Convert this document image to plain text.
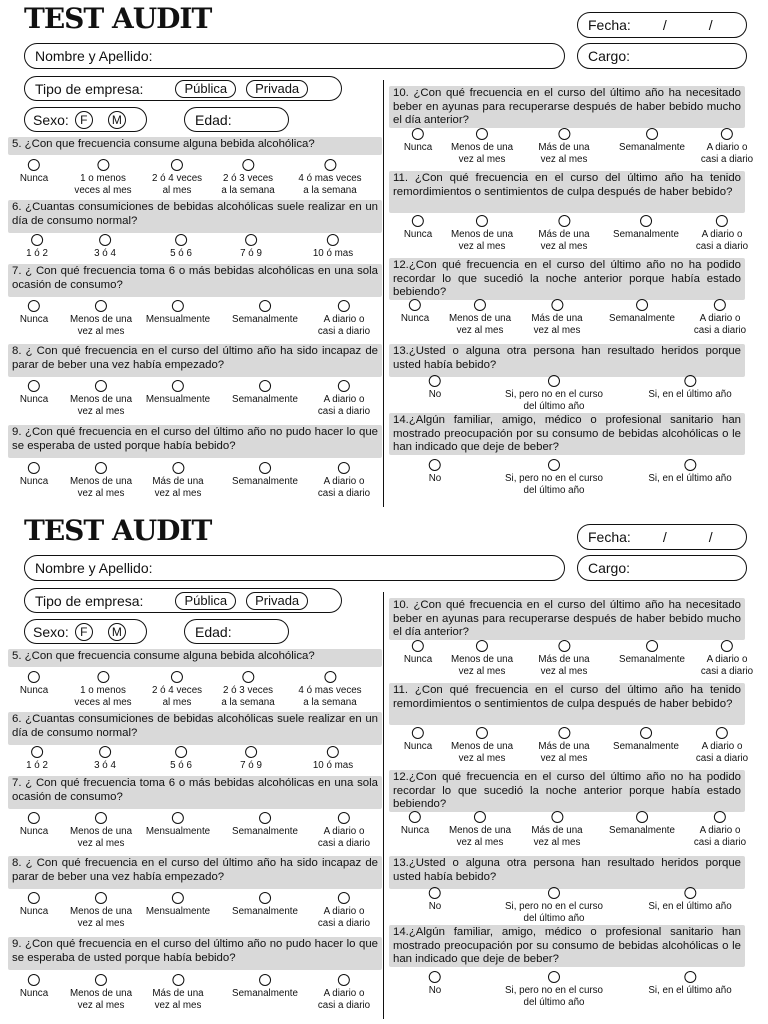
TEST AUDIT	Fecha: /	/
Nombre y Apellido:	Cargo:
Tipo de empresa:	Pública	Privada
Sexo: F	M	Edad:
5. ¿Con que frecuencia consume alguna bebida alcohólica?
Nunca	1 o menos
veces al mes
2 ó 4 veces
al mes
2 ó 3 veces
a la semana
4 ó mas veces
a la semana
6. ¿Cuantas consumiciones de bebidas alcohólicas suele realizar en un día de consumo normal?
1 ó 2	3 ó 4	5 ó 6	7 ó 9	10 ó mas
7. ¿ Con qué frecuencia toma 6 o más bebidas alcohólicas en una sola ocasión de consumo?
Nunca Menos de una
vez al mes
Mensualmente Semanalmente	A diario o
casi a diario
8. ¿ Con qué frecuencia en el curso del último año ha sido incapaz de parar de beber una vez había empezado?
Nunca Menos de una
vez al mes
Mensualmente Semanalmente	A diario o
casi a diario
9. ¿Con qué frecuencia en el curso del último año no pudo hacer lo que se esperaba de usted porque había bebido?
Nunca Menos de una
vez al mes
Más de una
vez al mes
Semanalmente	A diario o
casi a diario
10. ¿Con qué frecuencia en el curso del último año ha necesitado beber en ayunas para recuperarse después de haber bebido mucho el día anterior?
Nunca Menos de una
vez al mes
Más de una
vez al mes
Semanalmente	A diario o
casi a diario
11. ¿Con qué frecuencia en el curso del último año ha tenido remordimientos o sentimientos de culpa después de haber bebido?
Nunca Menos de una
vez al mes
Más de una
vez al mes
Semanalmente	A diario o
casi a diario
12.¿Con qué frecuencia en el curso del último año no ha podido recordar lo que sucedió la noche anterior porque había estado bebiendo?
Nunca Menos de una
vez al mes
Más de una
vez al mes
Semanalmente	A diario o
casi a diario
13.¿Usted o alguna otra persona han resultado heridos porque usted había bebido?
No	Si, pero no en el curso
del último año
Si, en el último año
14.¿Algún familiar, amigo, médico o profesional sanitario han mostrado preocupación por su consumo de bebidas alcohólicas o le han indicado que deje de beber?
No	Si, pero no en el curso
del último año
Si, en el último año
TEST AUDIT	Fecha: /	/
Nombre y Apellido:	Cargo:
Tipo de empresa:	Pública	Privada
Sexo: F	M	Edad:
5. ¿Con que frecuencia consume alguna bebida alcohólica?
Nunca	1 o menos
veces al mes
2 ó 4 veces
al mes
2 ó 3 veces
a la semana
4 ó mas veces
a la semana
6. ¿Cuantas consumiciones de bebidas alcohólicas suele realizar en un día de consumo normal?
1 ó 2	3 ó 4	5 ó 6	7 ó 9	10 ó mas
7. ¿ Con qué frecuencia toma 6 o más bebidas alcohólicas en una sola ocasión de consumo?
Nunca Menos de una
vez al mes
Mensualmente Semanalmente	A diario o
casi a diario
8. ¿ Con qué frecuencia en el curso del último año ha sido incapaz de parar de beber una vez había empezado?
Nunca Menos de una
vez al mes
Mensualmente Semanalmente	A diario o
casi a diario
9. ¿Con qué frecuencia en el curso del último año no pudo hacer lo que se esperaba de usted porque había bebido?
Nunca Menos de una
vez al mes
Más de una
vez al mes
Semanalmente	A diario o
casi a diario
10. ¿Con qué frecuencia en el curso del último año ha necesitado beber en ayunas para recuperarse después de haber bebido mucho el día anterior?
Nunca Menos de una
vez al mes
Más de una
vez al mes
Semanalmente	A diario o
casi a diario
11. ¿Con qué frecuencia en el curso del último año ha tenido remordimientos o sentimientos de culpa después de haber bebido?
Nunca Menos de una
vez al mes
Más de una
vez al mes
Semanalmente	A diario o
casi a diario
12.¿Con qué frecuencia en el curso del último año no ha podido recordar lo que sucedió la noche anterior porque había estado bebiendo?
Nunca Menos de una
vez al mes
Más de una
vez al mes
Semanalmente	A diario o
casi a diario
13.¿Usted o alguna otra persona han resultado heridos porque usted había bebido?
No	Si, pero no en el curso
del último año
Si, en el último año
14.¿Algún familiar, amigo, médico o profesional sanitario han mostrado preocupación por su consumo de bebidas alcohólicas o le han indicado que deje de beber?
No	Si, pero no en el curso
del último año
Si, en el último año
